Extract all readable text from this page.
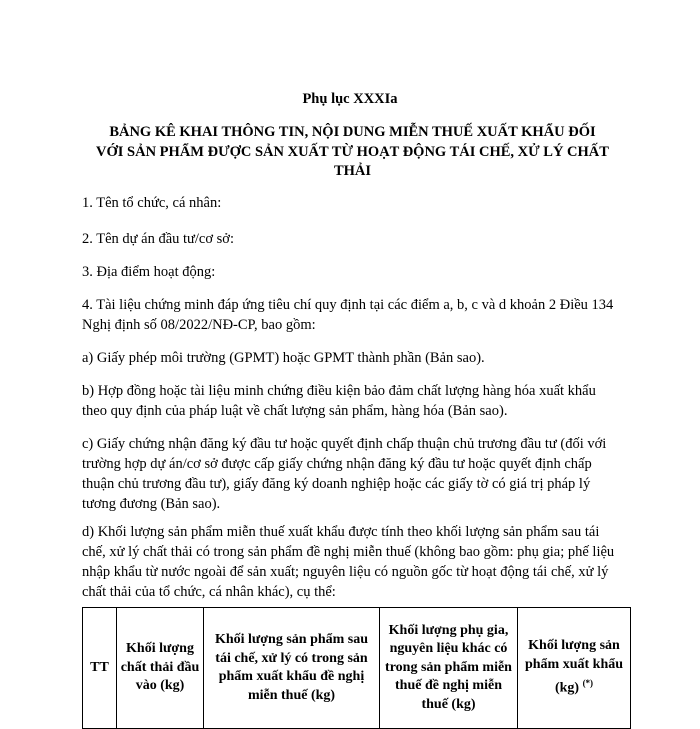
Phụ lục XXXIa
BẢNG KÊ KHAI THÔNG TIN, NỘI DUNG MIỄN THUẾ XUẤT KHẨU ĐỐI VỚI SẢN PHẨM ĐƯỢC SẢN XUẤT TỪ HOẠT ĐỘNG TÁI CHẾ, XỬ LÝ CHẤT THẢI

1. Tên tổ chức, cá nhân:

2. Tên dự án đầu tư/cơ sở:

3. Địa điểm hoạt động:

4. Tài liệu chứng minh đáp ứng tiêu chí quy định tại các điểm a, b, c và d khoản 2 Điều 134 Nghị định số 08/2022/NĐ-CP, bao gồm:

a) Giấy phép môi trường (GPMT) hoặc GPMT thành phần (Bản sao).

b) Hợp đồng hoặc tài liệu minh chứng điều kiện bảo đảm chất lượng hàng hóa xuất khẩu theo quy định của pháp luật về chất lượng sản phẩm, hàng hóa (Bản sao).

c) Giấy chứng nhận đăng ký đầu tư hoặc quyết định chấp thuận chủ trương đầu tư (đối với trường hợp dự án/cơ sở được cấp giấy chứng nhận đăng ký đầu tư hoặc quyết định chấp thuận chủ trương đầu tư), giấy đăng ký doanh nghiệp hoặc các giấy tờ có giá trị pháp lý tương đương (Bản sao).

d) Khối lượng sản phẩm miễn thuế xuất khẩu được tính theo khối lượng sản phẩm sau tái chế, xử lý chất thải có trong sản phẩm đề nghị miễn thuế (không bao gồm: phụ gia; phế liệu nhập khẩu từ nước ngoài để sản xuất; nguyên liệu có nguồn gốc từ hoạt động tái chế, xử lý chất thải của tổ chức, cá nhân khác), cụ thể:

TT	Khối lượng chất thải đầu vào (kg)	Khối lượng sản phẩm sau tái chế, xử lý có trong sản phẩm xuất khẩu đề nghị miễn thuế (kg)	Khối lượng phụ gia, nguyên liệu khác có trong sản phẩm miễn thuế đề nghị miễn thuế (kg)	Khối lượng sản phẩm xuất khẩu (kg) (*)
